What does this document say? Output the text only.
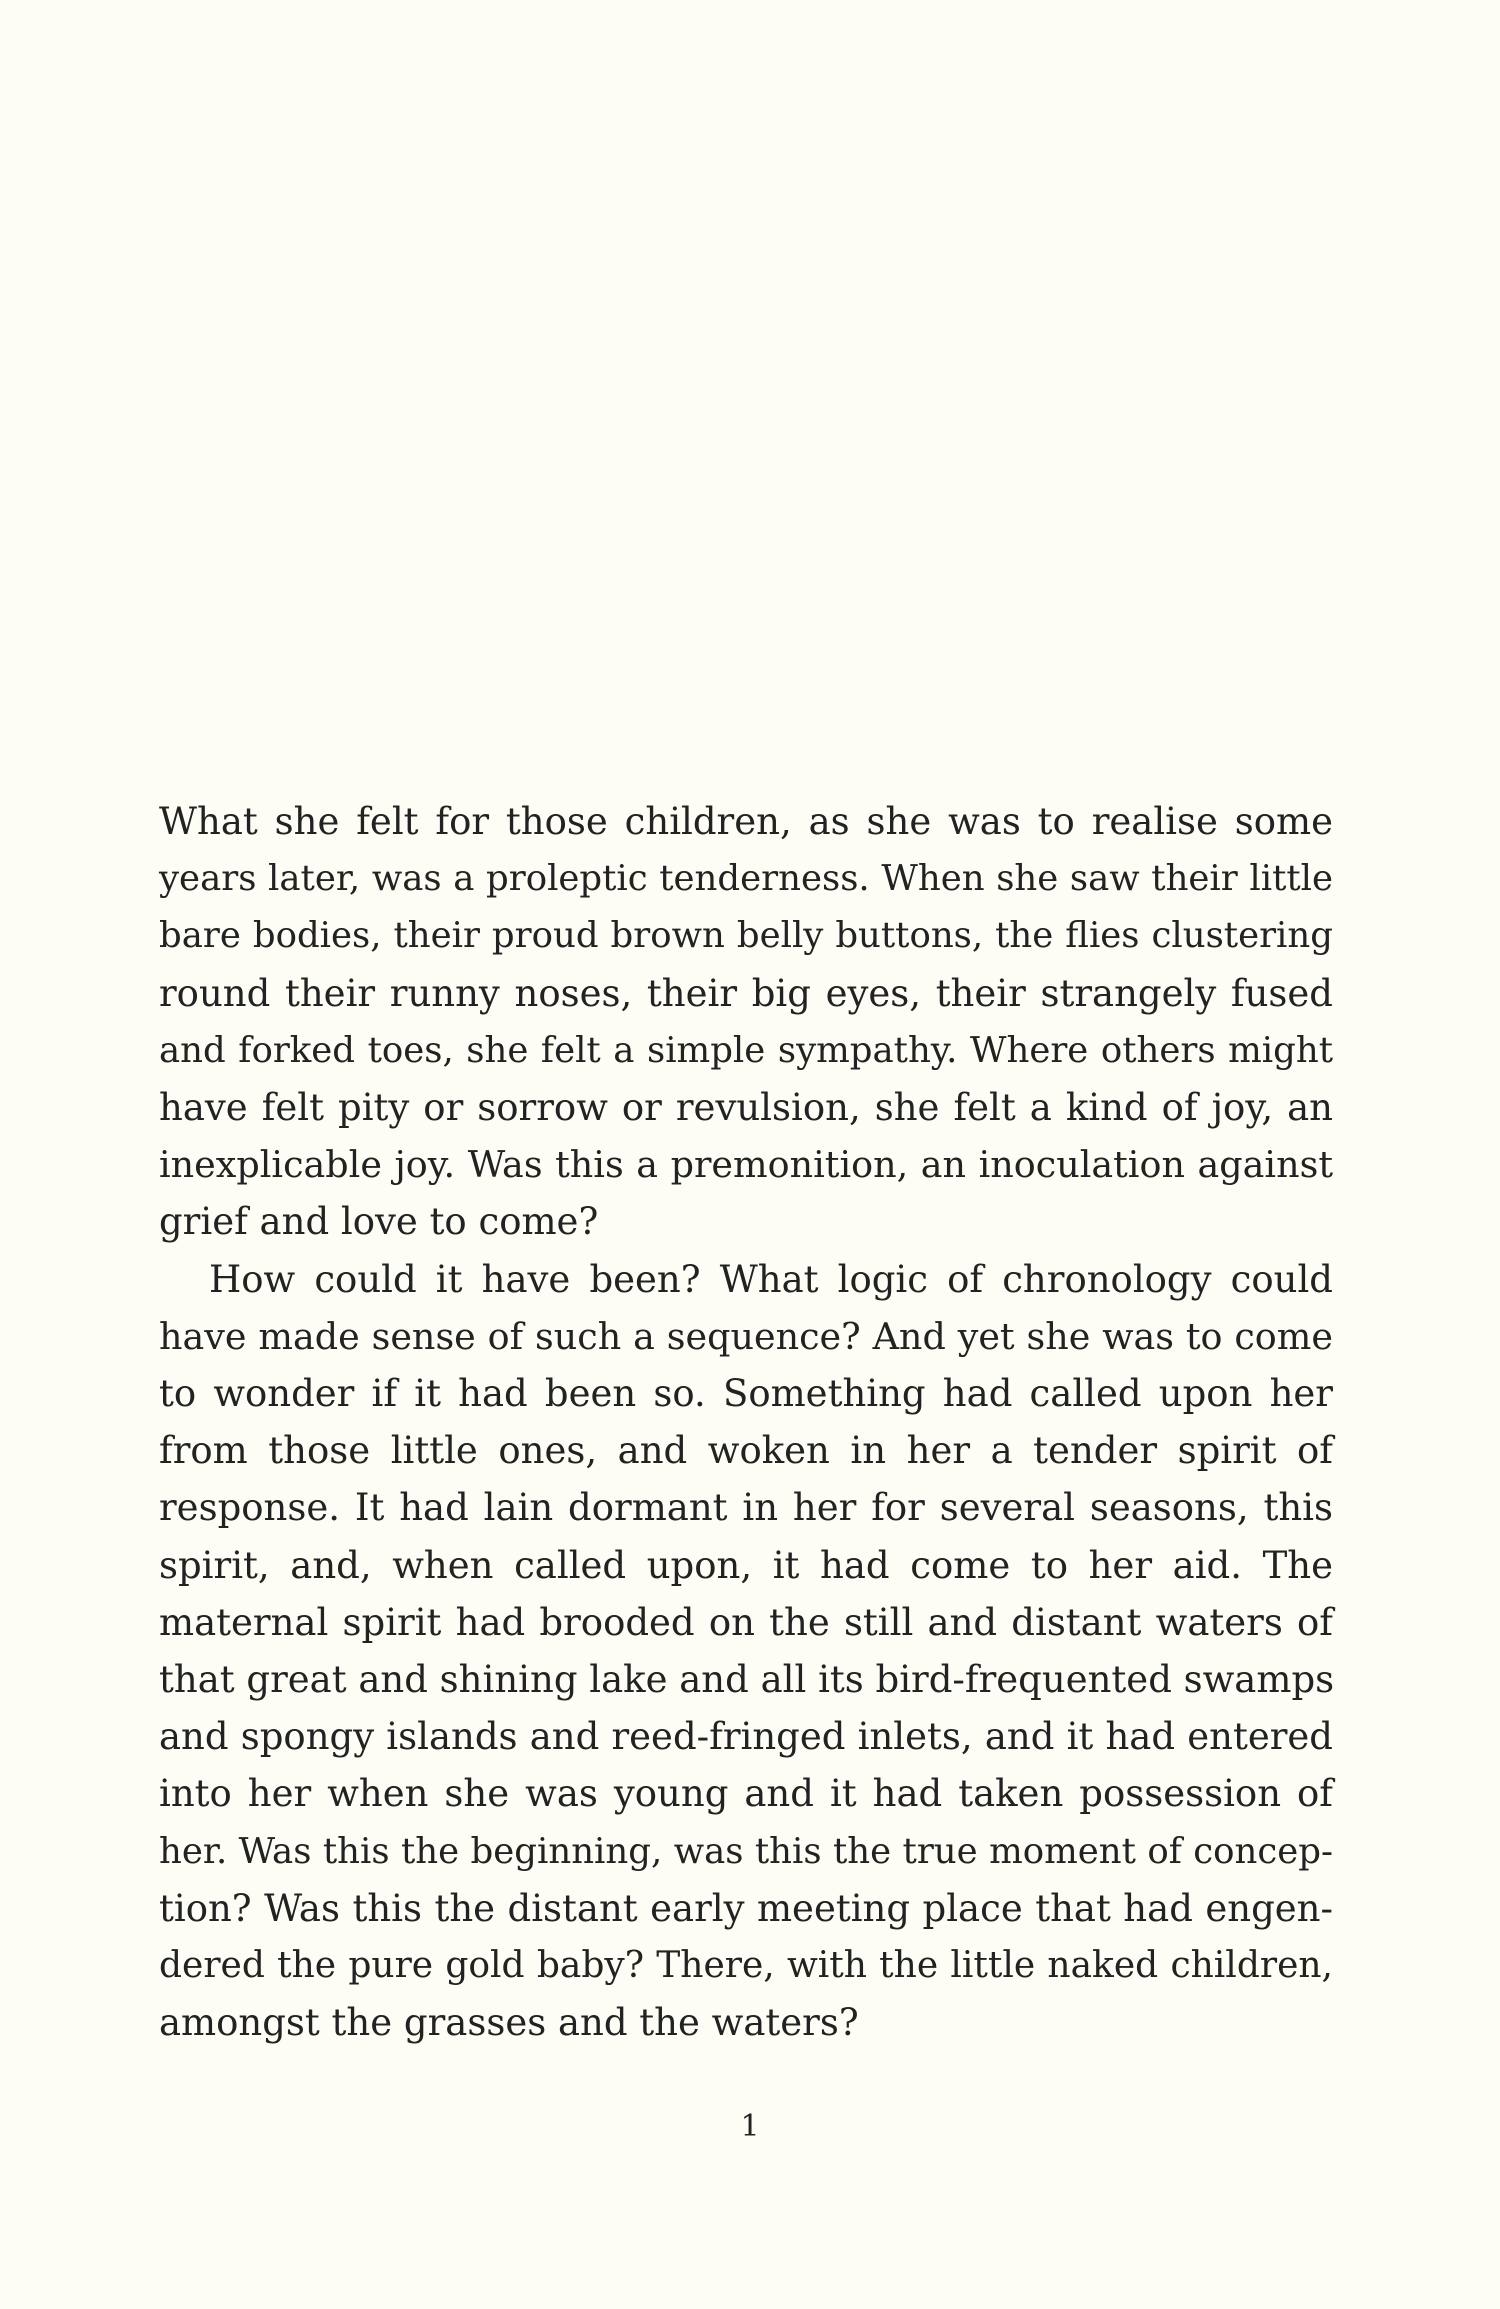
What she felt for those children, as she was to realise some
years later, was a proleptic tenderness. When she saw their little
bare bodies, their proud brown belly buttons, the flies clustering
round their runny noses, their big eyes, their strangely fused
and forked toes, she felt a simple sympathy. Where others might
have felt pity or sorrow or revulsion, she felt a kind of joy, an
inexplicable joy. Was this a premonition, an inoculation against
grief and love to come?
How could it have been? What logic of chronology could
have made sense of such a sequence? And yet she was to come
to wonder if it had been so. Something had called upon her
from those little ones, and woken in her a tender spirit of
response. It had lain dormant in her for several seasons, this
spirit, and, when called upon, it had come to her aid. The
maternal spirit had brooded on the still and distant waters of
that great and shining lake and all its bird-frequented swamps
and spongy islands and reed-fringed inlets, and it had entered
into her when she was young and it had taken possession of
her. Was this the beginning, was this the true moment of concep-
tion? Was this the distant early meeting place that had engen-
dered the pure gold baby? There, with the little naked children,
amongst the grasses and the waters?
1
